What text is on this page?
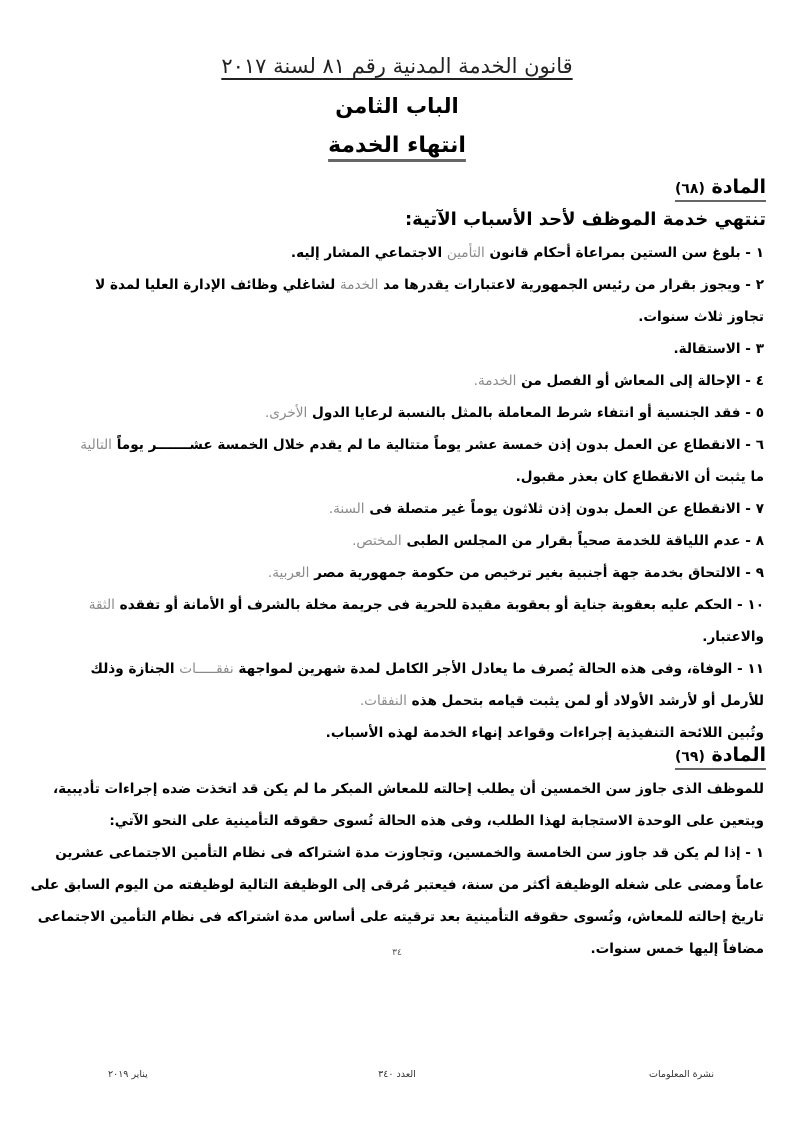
قانون الخدمة المدنية رقم ٨١ لسنة ٢٠١٧
الباب الثامن
انتهاء الخدمة
المادة (٦٨)
تنتهي خدمة الموظف لأحد الأسباب الآتية:
١ - بلوغ سن الستين بمراعاة أحكام قانون التأمين الاجتماعي المشار إليه.
٢ - ويجوز بقرار من رئيس الجمهورية لاعتبارات يقدرها مد الخدمة لشاغلي وظائف الإدارة العليا لمدة لا
تجاوز ثلاث سنوات.
٣ - الاستقالة.
٤ - الإحالة إلى المعاش أو الفصل من الخدمة.
٥ - فقد الجنسية أو انتفاء شرط المعاملة بالمثل بالنسبة لرعايا الدول الأخرى.
٦ - الانقطاع عن العمل بدون إذن خمسة عشر يوماً متتالية ما لم يقدم خلال الخمسة عشـــــــر يوماً التالية
ما يثبت أن الانقطاع كان بعذر مقبول.
٧ - الانقطاع عن العمل بدون إذن ثلاثون يوماً غير متصلة فى السنة.
٨ - عدم اللياقة للخدمة صحياً بقرار من المجلس الطبى المختص.
٩ - الالتحاق بخدمة جهة أجنبية بغير ترخيص من حكومة جمهورية مصر العربية.
١٠ - الحكم عليه بعقوبة جناية أو بعقوبة مقيدة للحرية فى جريمة مخلة بالشرف أو الأمانة أو تفقده الثقة
والاعتبار.
١١ - الوفاة، وفى هذه الحالة يُصرف ما يعادل الأجر الكامل لمدة شهرين لمواجهة نفقـــــات الجنازة وذلك
للأرمل أو لأرشد الأولاد أو لمن يثبت قيامه بتحمل هذه النفقات.
وتُبين اللائحة التنفيذية إجراءات وقواعد إنهاء الخدمة لهذه الأسباب.
المادة (٦٩)
للموظف الذى جاوز سن الخمسين أن يطلب إحالته للمعاش المبكر ما لم يكن قد اتخذت ضده إجراءات تأديبية،
ويتعين على الوحدة الاستجابة لهذا الطلب، وفى هذه الحالة تُسوى حقوقه التأمينية على النحو الآتي:
١ - إذا لم يكن قد جاوز سن الخامسة والخمسين، وتجاوزت مدة اشتراكه فى نظام التأمين الاجتماعى عشرين
عاماً ومضى على شغله الوظيفة أكثر من سنة، فيعتبر مُرقى إلى الوظيفة التالية لوظيفته من اليوم السابق على
تاريخ إحالته للمعاش، وتُسوى حقوقه التأمينية بعد ترقيته على أساس مدة اشتراكه فى نظام التأمين الاجتماعى
مضافاً إليها خمس سنوات.
٣٤
نشرة المعلومات
العدد ٣٤٠
يناير ٢٠١٩
